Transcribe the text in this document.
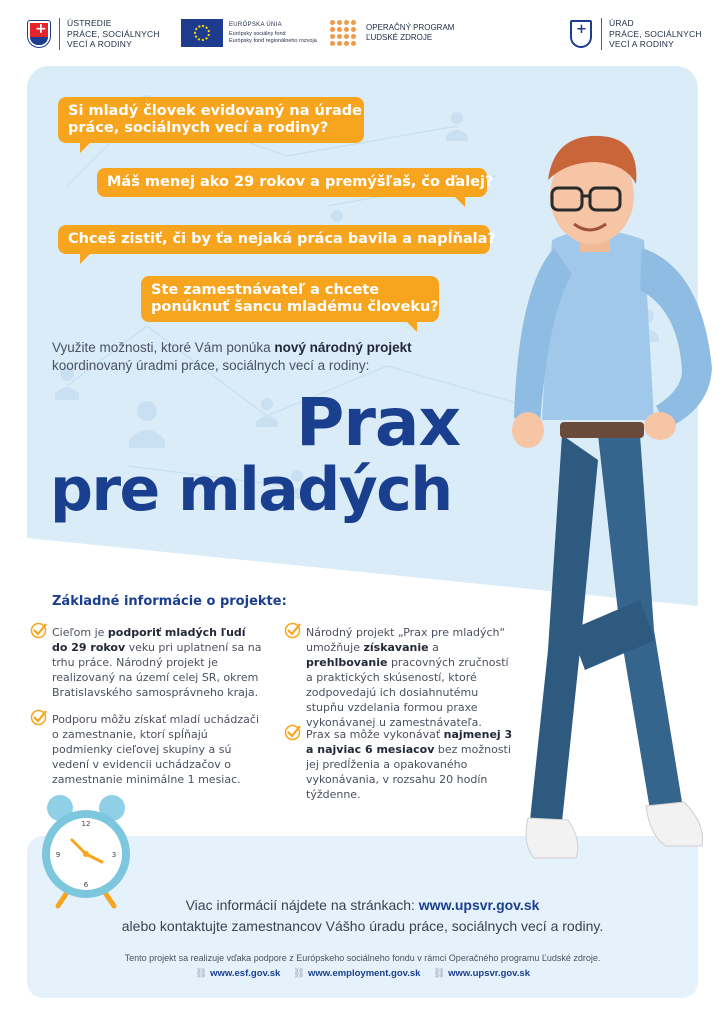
+
ÚSTREDIE
PRÁCE, SOCIÁLNYCH
VECÍ A RODINY
EURÓPSKA ÚNIA
Európsky sociálny fond
Európsky fond regionálneho rozvoja
OPERAČNÝ PROGRAM
ĽUDSKÉ ZDROJE
+
ÚRAD
PRÁCE, SOCIÁLNYCH
VECÍ A RODINY
Si mladý človek evidovaný na úrade
práce, sociálnych vecí a rodiny?
Máš menej ako 29 rokov a premýšľaš, čo ďalej?
Chceš zistiť, či by ťa nejaká práca bavila a napĺňala?
Ste zamestnávateľ a chcete
ponúknuť šancu mladému človeku?
Využite možnosti, ktoré Vám ponúka nový národný projekt
koordinovaný úradmi práce, sociálnych vecí a rodiny:
Prax
pre mladých
Základné informácie o projekte:
Cieľom je podporiť mladých ľudí do 29 rokov veku pri uplatnení sa na trhu práce. Národný projekt je realizovaný na území celej SR, okrem Bratislavského samosprávneho kraja.
Podporu môžu získať mladí uchádzači o zamestnanie, ktorí spĺňajú podmienky cieľovej skupiny a sú vedení v evidencii uchádzačov o zamestnanie minimálne 1 mesiac.
Národný projekt „Prax pre mladých“ umožňuje získavanie a prehlbovanie pracovných zručností a praktických skúseností, ktoré zodpovedajú ich dosiahnutému stupňu vzdelania formou praxe vykonávanej u zamestnávateľa.
Prax sa môže vykonávať najmenej 3 a najviac 6 mesiacov bez možnosti jej predĺženia a opakovaného vykonávania, v rozsahu 20 hodín týždenne.
12
3
6
9
Viac informácií nájdete na stránkach: www.upsvr.gov.sk
alebo kontaktujte zamestnancov Vášho úradu práce, sociálnych vecí a rodiny.
Tento projekt sa realizuje vďaka podpore z Európskeho sociálneho fondu v rámci Operačného programu Ľudské zdroje.
⛓ www.esf.gov.sk ⛓ www.employment.gov.sk ⛓ www.upsvr.gov.sk
